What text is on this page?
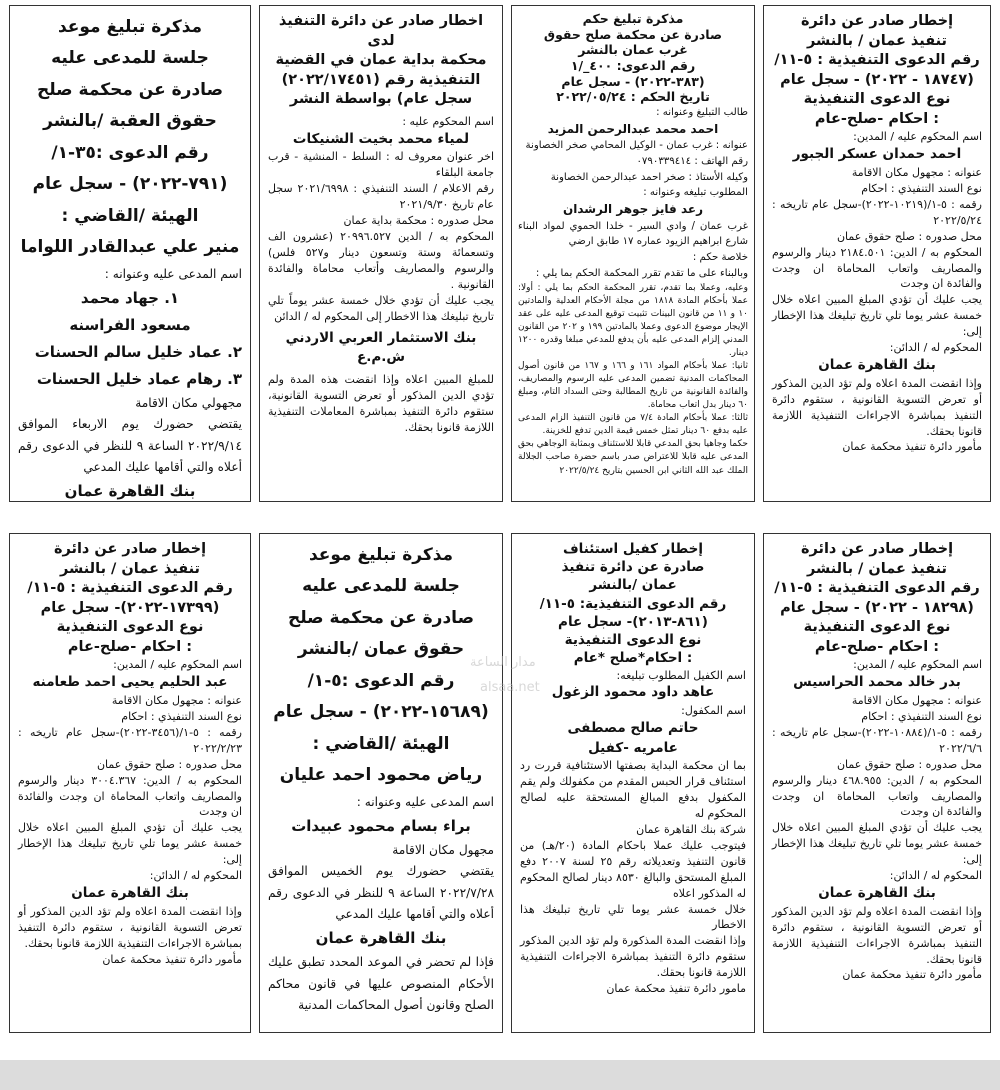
إخطار صادر عن دائرة
تنفيذ عمان / بالنشر
رقم الدعوى التنفيذية : ٥-١١/
(١٨٧٤٧ - ٢٠٢٢) - سجل عام
نوع الدعوى التنفيذية
: احكام -صلح-عام
اسم المحكوم عليه / المدين:
احمد حمدان عسكر الجبور
عنوانه : مجهول مكان الاقامة
نوع السند التنفيذي : احكام
رقمه : ٥-١/(١٠٢١٩-٢٠٢٢)-سجل عام تاريخه : ٢٠٢٢/٥/٢٤
محل صدوره : صلح حقوق عمان
المحكوم به / الدين: ٢١٨٤.٥٠١ دينار والرسوم والمصاريف واتعاب المحاماة ان وجدت والفائدة ان وجدت
يجب عليك أن تؤدي المبلغ المبين اعلاه خلال خمسة عشر يوما تلي تاريخ تبليغك هذا الإخطار إلى:
المحكوم له / الدائن:
بنك القاهرة عمان
وإذا انقضت المدة اعلاه ولم تؤد الدين المذكور أو تعرض التسوية القانونية ، ستقوم دائرة التنفيذ بمباشرة الاجراءات التنفيذية اللازمة قانونا بحقك.
مأمور دائرة تنفيذ محكمة عمان
مذكرة تبليغ حكم
صادرة عن محكمة صلح حقوق
غرب عمان بالنشر
رقم الدعوى: ٤٠٠_/١
(٣٨٣-٢٠٢٢) - سجل عام
تاريخ الحكم : ٢٠٢٢/٠٥/٢٤
طالب التبليغ وعنوانه :
احمد محمد عبدالرحمن المزيد
عنوانه : غرب عمان - الوكيل المحامي صخر الخصاونة
رقم الهاتف : ٠٧٩٠٣٣٩٤١٤
وكيله الأستاذ : صخر احمد عبدالرحمن الخصاونة
المطلوب تبليغه وعنوانه :
رعد فايز جوهر الرشدان
غرب عمان / وادي السير - خلدا الحموي لمواد البناء شارع ابراهيم الزيود عماره ١٧ طابق ارضي
خلاصة حكم :
وبالبناء على ما تقدم تقرر المحكمة الحكم بما يلي :
وعليه، وعملا بما تقدم، تقرر المحكمة الحكم بما يلي : أولا: عملا بأحكام المادة ١٨١٨ من مجلة الأحكام العدلية والمادتين ١٠ و ١١ من قانون البينات تثبيت توقيع المدعى عليه على عقد الإيجار موضوع الدعوى وعملا بالمادتين ١٩٩ و ٢٠٢ من القانون المدني إلزام المدعى عليه بأن يدفع للمدعي مبلغا وقدره ١٢٠٠ دينار.
ثانيا: عملا بأحكام المواد ١٦١ و ١٦٦ و ١٦٧ من قانون أصول المحاكمات المدنية تضمين المدعى عليه الرسوم والمصاريف، والفائدة القانونية من تاريخ المطالبة وحتى السداد التام، ومبلغ ٦٠ دينار بدل اتعاب محاماة.
ثالثا: عملا بأحكام المادة ٧/٤ من قانون التنفيذ الزام المدعى عليه بدفع ٦٠ دينار تمثل خمس قيمة الدين تدفع للخزينة.
حكما وجاهيا بحق المدعي قابلا للاستئناف وبمثابة الوجاهي بحق المدعى عليه قابلا للاعتراض صدر باسم حضرة صاحب الجلالة الملك عبد الله الثاني ابن الحسين بتاريخ ٢٠٢٢/٥/٢٤
اخطار صادر عن دائرة التنفيذ لدى
محكمة بداية عمان في القضية
التنفيذية رقم (٢٠٢٢/١٧٤٥١)
سجل عام) بواسطة النشر
اسم المحكوم عليه :
لمياء محمد بخيت الشنيكات
اخر عنوان معروف له : السلط - المنشية - قرب جامعة البلقاء
رقم الاعلام / السند التنفيذي : ٢٠٢١/٦٩٩٨ سجل عام تاريخ ٢٠٢١/٩/٣٠
محل صدوره : محكمة بداية عمان
المحكوم به / الدين ٢٠٩٩٦.٥٢٧ (عشرون الف وتسعمائة وستة وتسعون دينار و٥٢٧ فلس) والرسوم والمصاريف وأتعاب محاماة والفائدة القانونية .
يجب عليك أن تؤدي خلال خمسة عشر يوماً تلي تاريخ تبليغك هذا الاخطار إلى المحكوم له / الدائن
بنك الاستثمار العربي الاردني ش.م.ع
للمبلغ المبين اعلاه وإذا انقضت هذه المدة ولم تؤدي الدين المذكور أو تعرض التسوية القانونية، ستقوم دائرة التنفيذ بمباشرة المعاملات التنفيذية اللازمة قانونا بحقك.
مذكرة تبليغ موعد
جلسة للمدعى عليه
صادرة عن محكمة صلح
حقوق العقبة /بالنشر
رقم الدعوى :٣٥-١/
(٧٩١-٢٠٢٢) - سجل عام
الهيئة /القاضي :
منير علي عبدالقادر اللواما
اسم المدعى عليه وعنوانه :
١. جهاد محمد
مسعود الفراسنه
٢. عماد خليل سالم الحسنات
٣. رهام عماد خليل الحسنات
مجهولي مكان الاقامة
يقتضي حضورك يوم الاربعاء الموافق ٢٠٢٢/٩/١٤ الساعة ٩ للنظر في الدعوى رقم أعلاه والتي أقامها عليك المدعي
بنك القاهرة عمان
إخطار صادر عن دائرة
تنفيذ عمان / بالنشر
رقم الدعوى التنفيذية : ٥-١١/
(١٨٢٩٨ - ٢٠٢٢) - سجل عام
نوع الدعوى التنفيذية
: احكام -صلح-عام
اسم المحكوم عليه / المدين:
بدر خالد محمد الحراسيس
عنوانه : مجهول مكان الاقامة
نوع السند التنفيذي : احكام
رقمه : ٥-١/(١٠٨٨٤-٢٠٢٢)-سجل عام تاريخه : ٢٠٢٢/٦/٦
محل صدوره : صلح حقوق عمان
المحكوم به / الدين: ٤٦٨.٩٥٥ دينار والرسوم والمصاريف واتعاب المحاماة ان وجدت والفائدة ان وجدت
يجب عليك أن تؤدي المبلغ المبين اعلاه خلال خمسة عشر يوما تلي تاريخ تبليغك هذا الإخطار إلى:
المحكوم له / الدائن:
بنك القاهرة عمان
وإذا انقضت المدة اعلاه ولم تؤد الدين المذكور أو تعرض التسوية القانونية ، ستقوم دائرة التنفيذ بمباشرة الاجراءات التنفيذية اللازمة قانونا بحقك.
مأمور دائرة تنفيذ محكمة عمان
إخطار كفيل استئناف
صادرة عن دائرة تنفيذ
عمان /بالنشر
رقم الدعوى التنفيذية: ٥-١١/
(٨٦١-٢٠١٣)- سجل عام
نوع الدعوى التنفيذية
: احكام*صلح *عام
اسم الكفيل المطلوب تبليغه:
عاهد داود محمود الزغول
اسم المكفول:
حاتم صالح مصطفى
عامريه -كفيل
بما ان محكمة البداية بصفتها الاستئنافية قررت رد استئناف قرار الحبس المقدم من مكفولك ولم يقم المكفول بدفع المبالغ المستحقة عليه لصالح المحكوم له
شركة بنك القاهرة عمان
فيتوجب عليك عملا باحكام المادة (٢٠/هـ) من قانون التنفيذ وتعديلاته رقم ٢٥ لسنة ٢٠٠٧ دفع المبلغ المستحق والبالغ ٨٥٣٠ دينار لصالح المحكوم له المذكور اعلاه
خلال خمسة عشر يوما تلي تاريخ تبليغك هذا الاخطار
وإذا انقضت المدة المذكورة ولم تؤد الدين المذكور ستقوم دائرة التنفيذ بمباشرة الاجراءات التنفيذية اللازمة قانونا بحقك.
مامور دائرة تنفيذ محكمة عمان
مذكرة تبليغ موعد
جلسة للمدعى عليه
صادرة عن محكمة صلح
حقوق عمان /بالنشر
رقم الدعوى :٥-١/
(١٥٦٨٩-٢٠٢٢) - سجل عام
الهيئة /القاضي :
رياض محمود احمد عليان
اسم المدعى عليه وعنوانه :
براء بسام محمود عبيدات
مجهول مكان الاقامة
يقتضي حضورك يوم الخميس الموافق ٢٠٢٢/٧/٢٨ الساعة ٩ للنظر في الدعوى رقم أعلاه والتي أقامها عليك المدعي
بنك القاهرة عمان
فإذا لم تحضر في الموعد المحدد تطبق عليك الأحكام المنصوص عليها في قانون محاكم الصلح وقانون أصول المحاكمات المدنية
إخطار صادر عن دائرة
تنفيذ عمان / بالنشر
رقم الدعوى التنفيذية : ٥-١١/
(١٧٣٩٩-٢٠٢٢)- سجل عام
نوع الدعوى التنفيذية
: احكام -صلح-عام
اسم المحكوم عليه / المدين:
عبد الحليم يحيى احمد طعامنه
عنوانه : مجهول مكان الاقامة
نوع السند التنفيذي : احكام
رقمه : ٥-١/(٣٤٥٦-٢٠٢٢)-سجل عام تاريخه : ٢٠٢٢/٢/٢٣
محل صدوره : صلح حقوق عمان
المحكوم به / الدين: ٣٠٠٤.٣٦٧ دينار والرسوم والمصاريف واتعاب المحاماة ان وجدت والفائدة ان وجدت
يجب عليك أن تؤدي المبلغ المبين اعلاه خلال خمسة عشر يوما تلي تاريخ تبليغك هذا الإخطار إلى:
المحكوم له / الدائن:
بنك القاهرة عمان
وإذا انقضت المدة اعلاه ولم تؤد الدين المذكور أو تعرض التسوية القانونية ، ستقوم دائرة التنفيذ بمباشرة الاجراءات التنفيذية اللازمة قانونا بحقك.
مأمور دائرة تنفيذ محكمة عمان
مدار الساعة
alsaa.net
